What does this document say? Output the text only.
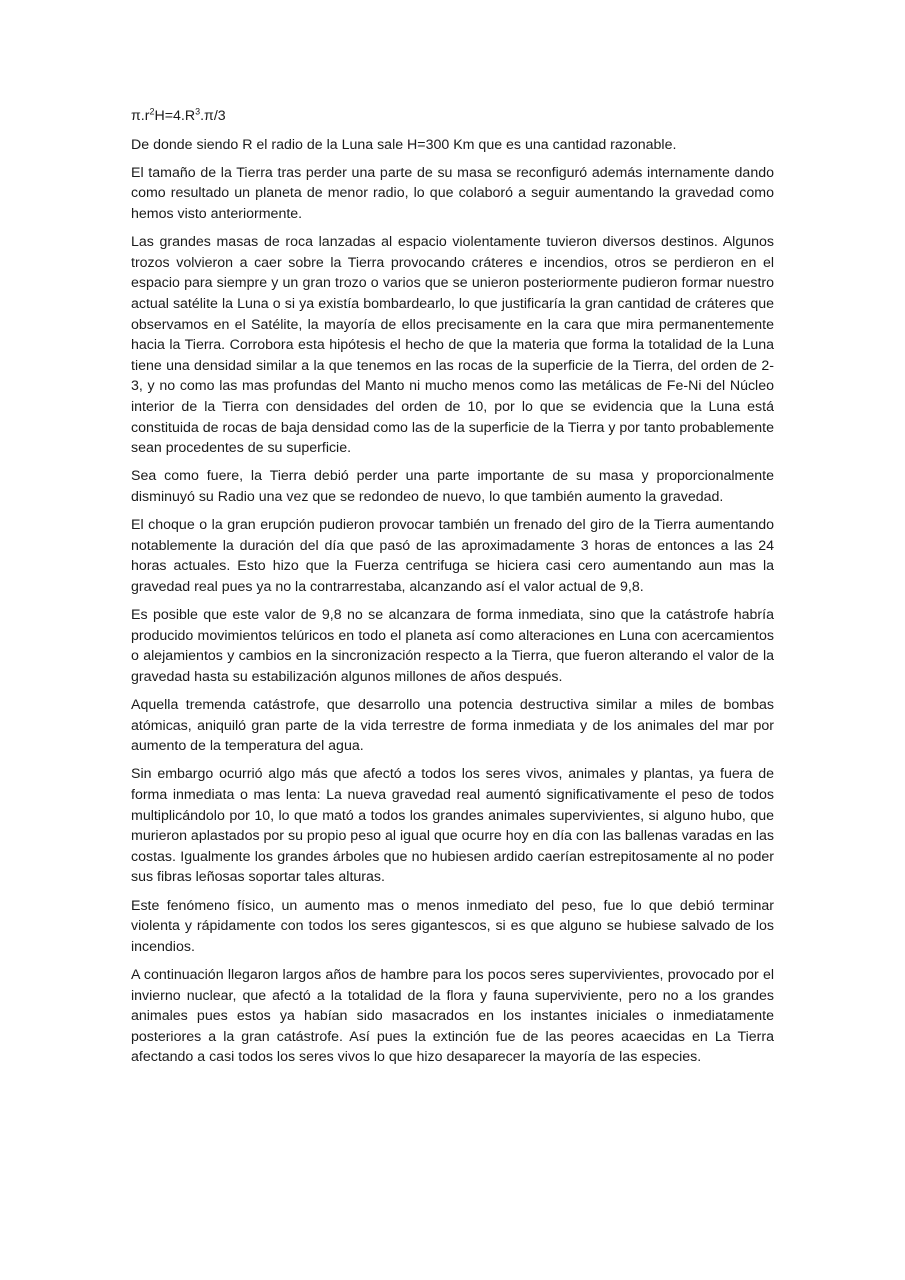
$\pi.r^2H=4.R^3.\pi/3$

De donde siendo R el radio de la Luna sale H=300 Km que es una cantidad razonable.

El tamaño de la Tierra tras perder una parte de su masa se reconfiguró además internamente dando como resultado un planeta de menor radio, lo que colaboró a seguir aumentando la gravedad como hemos visto anteriormente.

Las grandes masas de roca lanzadas al espacio violentamente tuvieron diversos destinos. Algunos trozos volvieron a caer sobre la Tierra provocando cráteres e incendios, otros se perdieron en el espacio para siempre y un gran trozo o varios que se unieron posteriormente pudieron formar nuestro actual satélite la Luna o si ya existía bombardearlo, lo que justificaría la gran cantidad de cráteres que observamos en el Satélite, la mayoría de ellos precisamente en la cara que mira permanentemente hacia la Tierra. Corrobora esta hipótesis el hecho de que la materia que forma la totalidad de la Luna tiene una densidad similar a la que tenemos en las rocas de la superficie de la Tierra, del orden de 2-3, y no como las mas profundas del Manto ni mucho menos como las metálicas de Fe-Ni del Núcleo interior de la Tierra con densidades del orden de 10, por lo que se evidencia que la Luna está constituida de rocas de baja densidad como las de la superficie de la Tierra y por tanto probablemente sean procedentes de su superficie.

Sea como fuere, la Tierra debió perder una parte importante de su masa y proporcionalmente disminuyó su Radio una vez que se redondeo de nuevo, lo que también aumento la gravedad.

El choque o la gran erupción pudieron provocar también un frenado del giro de la Tierra aumentando notablemente la duración del día que pasó de las aproximadamente 3 horas de entonces a las 24 horas actuales. Esto hizo que la Fuerza centrifuga se hiciera casi cero aumentando aun mas la gravedad real pues ya no la contrarrestaba, alcanzando así el valor actual de 9,8.

Es posible que este valor de 9,8 no se alcanzara de forma inmediata, sino que la catástrofe habría producido movimientos telúricos en todo el planeta así como alteraciones en Luna con acercamientos o alejamientos y cambios en la sincronización respecto a la Tierra, que fueron alterando el valor de la gravedad hasta su estabilización algunos millones de años después.

Aquella tremenda catástrofe, que desarrollo una potencia destructiva similar a miles de bombas atómicas, aniquiló gran parte de la vida terrestre de forma inmediata y de los animales del mar por aumento de la temperatura del agua.

Sin embargo ocurrió algo más que afectó a todos los seres vivos, animales y plantas, ya fuera de forma inmediata o mas lenta: La nueva gravedad real aumentó significativamente el peso de todos multiplicándolo por 10, lo que mató a todos los grandes animales supervivientes, si alguno hubo, que murieron aplastados por su propio peso al igual que ocurre hoy en día con las ballenas varadas en las costas. Igualmente los grandes árboles que no hubiesen ardido caerían estrepitosamente al no poder sus fibras leñosas soportar tales alturas.

Este fenómeno físico, un aumento mas o menos inmediato del peso, fue lo que debió terminar violenta y rápidamente con todos los seres gigantescos, si es que alguno se hubiese salvado de los incendios.

A continuación llegaron largos años de hambre para los pocos seres supervivientes, provocado por el invierno nuclear, que afectó a la totalidad de la flora y fauna superviviente, pero no a los grandes animales pues estos ya habían sido masacrados en los instantes iniciales o inmediatamente posteriores a la gran catástrofe. Así pues la extinción fue de las peores acaecidas en La Tierra afectando a casi todos los seres vivos lo que hizo desaparecer la mayoría de las especies.
